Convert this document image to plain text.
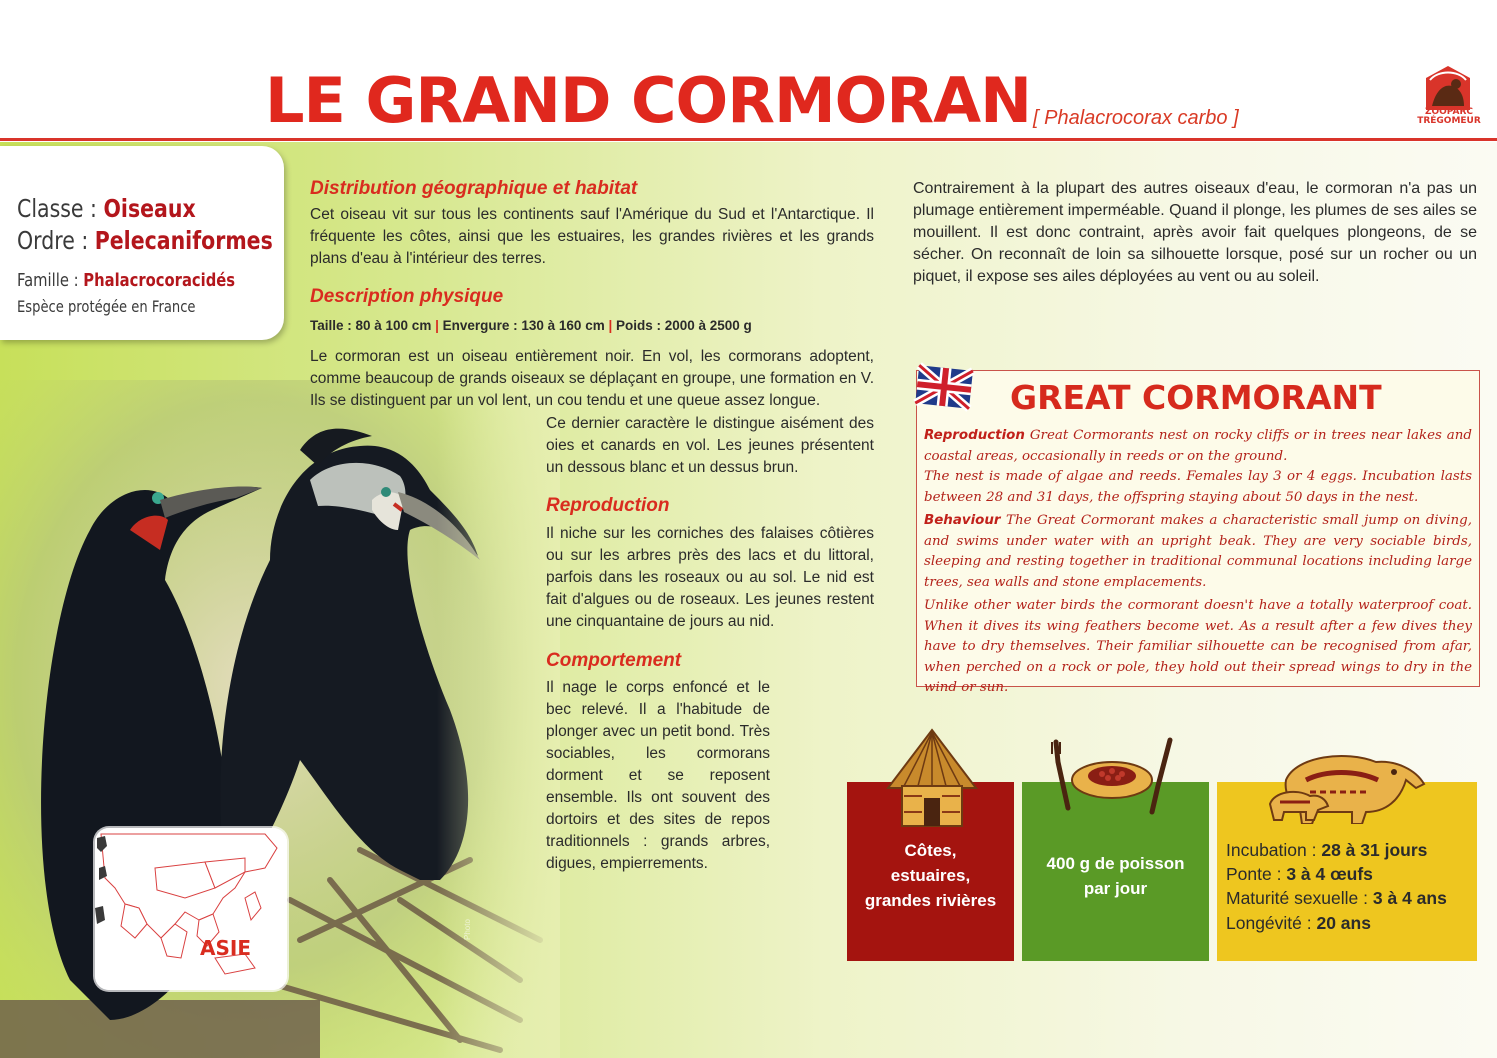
LE GRAND CORMORAN [ Phalacrocorax carbo ]	ZOOPARC TRÉGOMEUR
Photo
Classe : Oiseaux
Ordre : Pelecaniformes
Famille : Phalacrocoracidés
Espèce protégée en France
Distribution géographique et habitat
Cet oiseau vit sur tous les continents sauf l'Amérique du Sud et l'Antarctique. Il fréquente les côtes, ainsi que les estuaires, les grandes rivières et les grands plans d'eau à l'intérieur des terres.
Description physique
Taille : 80 à 100 cm | Envergure : 130 à 160 cm | Poids : 2000 à 2500 g
Le cormoran est un oiseau entièrement noir. En vol, les cormorans adoptent, comme beaucoup de grands oiseaux se déplaçant en groupe, une formation en V. Ils se distinguent par un vol lent, un cou tendu et une queue assez longue.
Ce dernier caractère le distingue aisément des oies et canards en vol. Les jeunes présentent un dessous blanc et un dessus brun.
Reproduction
Il niche sur les corniches des falaises côtières ou sur les arbres près des lacs et du littoral, parfois dans les roseaux ou au sol. Le nid est fait d'algues ou de roseaux. Les jeunes restent une cinquantaine de jours au nid.
Comportement
Il nage le corps enfoncé et le bec relevé. Il a l'habitude de plonger avec un petit bond. Très sociables, les cormorans dorment et se reposent ensemble. Ils ont souvent des dortoirs et des sites de repos traditionnels : grands arbres, digues, empierrements.
Contrairement à la plupart des autres oiseaux d'eau, le cormoran n'a pas un plumage entièrement imperméable. Quand il plonge, les plumes de ses ailes se mouillent. Il est donc contraint, après avoir fait quelques plongeons, de se sécher. On reconnaît de loin sa silhouette lorsque, posé sur un rocher ou un piquet, il expose ses ailes déployées au vent ou au soleil.
GREAT CORMORANT
Reproduction Great Cormorants nest on rocky cliffs or in trees near lakes and coastal areas, occasionally in reeds or on the ground.
The nest is made of algae and reeds. Females lay 3 or 4 eggs. Incubation lasts between 28 and 31 days, the offspring staying about 50 days in the nest.
Behaviour The Great Cormorant makes a characteristic small jump on diving, and swims under water with an upright beak. They are very sociable birds, sleeping and resting together in traditional communal locations including large trees, sea walls and stone emplacements.
Unlike other water birds the cormorant doesn't have a totally waterproof coat. When it dives its wing feathers become wet. As a result after a few dives they have to dry themselves. Their familiar silhouette can be recognised from afar, when perched on a rock or pole, they hold out their spread wings to dry in the wind or sun.
ASIE
Côtes,
estuaires,
grandes rivières
400 g de poisson
par jour
Incubation : 28 à 31 jours
Ponte : 3 à 4 œufs
Maturité sexuelle : 3 à 4 ans
Longévité : 20 ans
